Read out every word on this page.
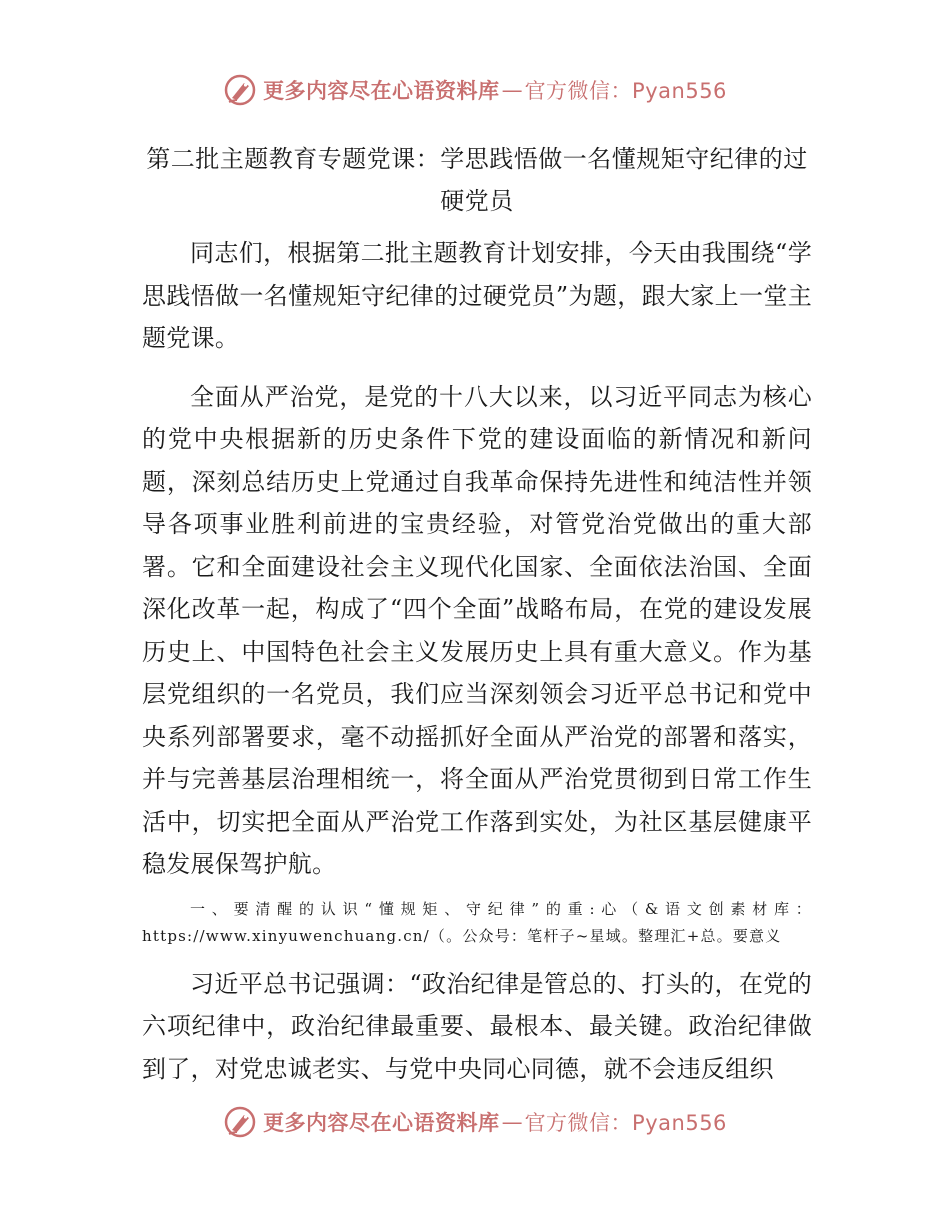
更多内容尽在心语资料库 — 官方微信：Pyan556
第二批主题教育专题党课：学思践悟做一名懂规矩守纪律的过
硬党员

同志们，根据第二批主题教育计划安排，今天由我围绕“学思践悟做一名懂规矩守纪律的过硬党员”为题，跟大家上一堂主题党课。

全面从严治党，是党的十八大以来，以习近平同志为核心的党中央根据新的历史条件下党的建设面临的新情况和新问题，深刻总结历史上党通过自我革命保持先进性和纯洁性并领导各项事业胜利前进的宝贵经验，对管党治党做出的重大部署。它和全面建设社会主义现代化国家、全面依法治国、全面深化改革一起，构成了“四个全面”战略布局，在党的建设发展历史上、中国特色社会主义发展历史上具有重大意义。作为基层党组织的一名党员，我们应当深刻领会习近平总书记和党中央系列部署要求，毫不动摇抓好全面从严治党的部署和落实，并与完善基层治理相统一，将全面从严治党贯彻到日常工作生活中，切实把全面从严治党工作落到实处，为社区基层健康平稳发展保驾护航。

一、要清醒的认识“懂规矩、守纪律”的重:心（&语文创素材库：https://www.xinyuwenchuang.cn/（。公众号：笔杆子~星域。整理汇+总。要意义

习近平总书记强调：“政治纪律是管总的、打头的，在党的六项纪律中，政治纪律最重要、最根本、最关键。政治纪律做到了，对党忠诚老实、与党中央同心同德，就不会违反组织

更多内容尽在心语资料库 — 官方微信：Pyan556
